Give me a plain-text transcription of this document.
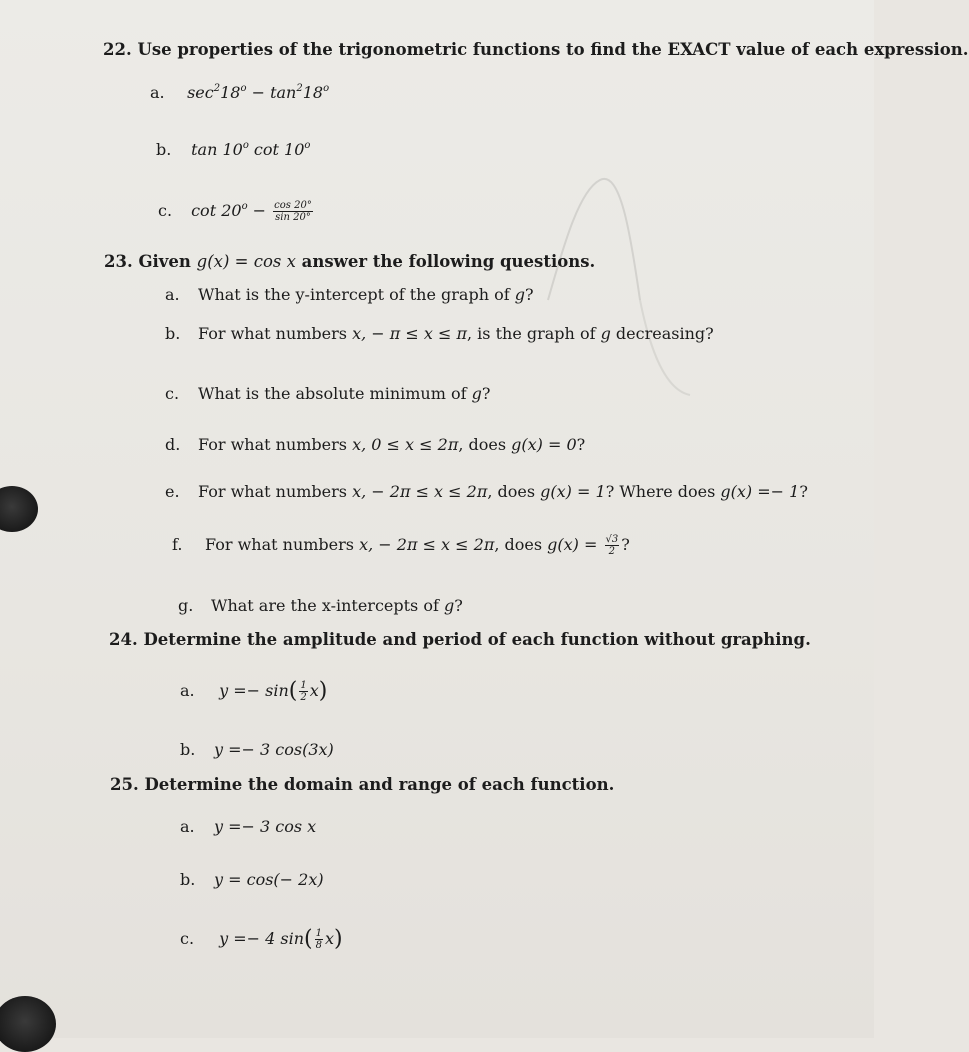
22. Use properties of the trigonometric functions to find the EXACT value of each expression.
a. $\sec^218^o - \tan^218^o$
b. tan 10$^o$ cot 10$^o$
c. $\cot 20^o - \frac{\cos 20^\circ}{\sin 20^\circ}$
23. Given g(x) = cos x answer the following questions.
a. What is the y-intercept of the graph of g?
b. For what numbers x, − π ≤ x ≤ π, is the graph of g decreasing?
c. What is the absolute minimum of g?
d. For what numbers x, 0 ≤ x ≤ 2π, does g(x) = 0?
e. For what numbers x, − 2π ≤ x ≤ 2π, does g(x) = 1? Where does g(x) =− 1?
f. For what numbers x, − 2π ≤ x ≤ 2π, does $g(x) = \frac{√3}{2}$ ?
g. What are the x-intercepts of g?
24. Determine the amplitude and period of each function without graphing.
a. $y =- \sin( \frac{1}{2} x)$
b. y =− 3 cos(3x)
25. Determine the domain and range of each function.
a. y =− 3 cos x
b. y = cos(− 2x)
c. y =− 4 $\sin( \frac{1}{8} x)$
